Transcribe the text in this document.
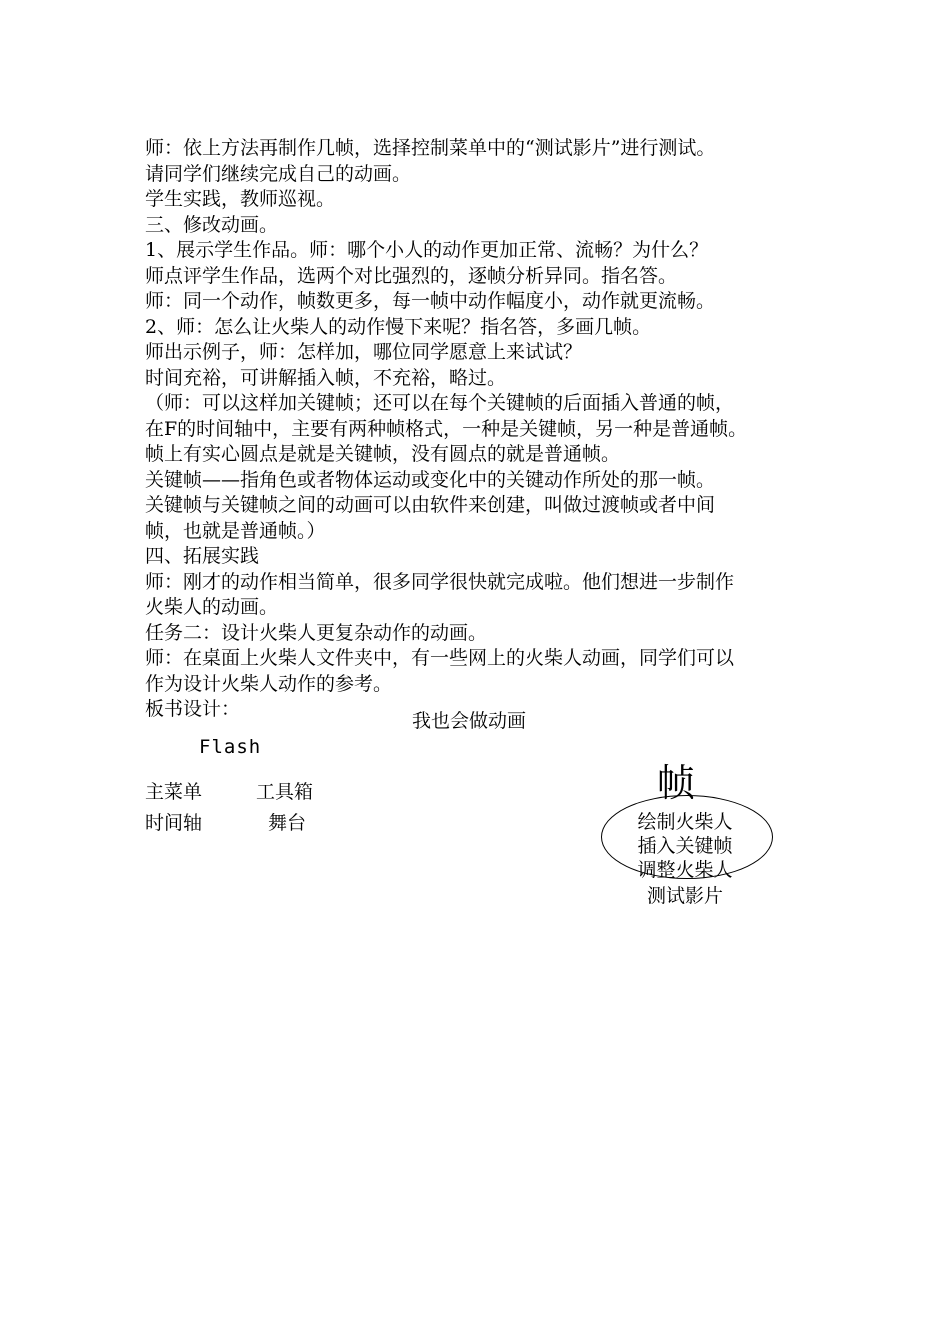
师：依上方法再制作几帧，选择控制菜单中的“测试影片”进行测试。
请同学们继续完成自己的动画。
学生实践，教师巡视。
三、修改动画。
1、展示学生作品。师：哪个小人的动作更加正常、流畅？为什么？
师点评学生作品，选两个对比强烈的，逐帧分析异同。指名答。
师：同一个动作，帧数更多，每一帧中动作幅度小，动作就更流畅。
2、师：怎么让火柴人的动作慢下来呢？指名答，多画几帧。
师出示例子，师：怎样加，哪位同学愿意上来试试？
时间充裕，可讲解插入帧，不充裕，略过。
（师：可以这样加关键帧；还可以在每个关键帧的后面插入普通的帧，
在F的时间轴中，主要有两种帧格式，一种是关键帧，另一种是普通帧。
帧上有实心圆点是就是关键帧，没有圆点的就是普通帧。
关键帧——指角色或者物体运动或变化中的关键动作所处的那一帧。
关键帧与关键帧之间的动画可以由软件来创建，叫做过渡帧或者中间
帧，也就是普通帧。）
四、拓展实践
师：刚才的动作相当简单，很多同学很快就完成啦。他们想进一步制作
火柴人的动画。
任务二：设计火柴人更复杂动作的动画。
师：在桌面上火柴人文件夹中，有一些网上的火柴人动画，同学们可以
作为设计火柴人动作的参考。
板书设计：
我也会做动画
Flash
主菜单	工具箱
时间轴	舞台
帧
绘制火柴人
插入关键帧
调整火柴人
测试影片
